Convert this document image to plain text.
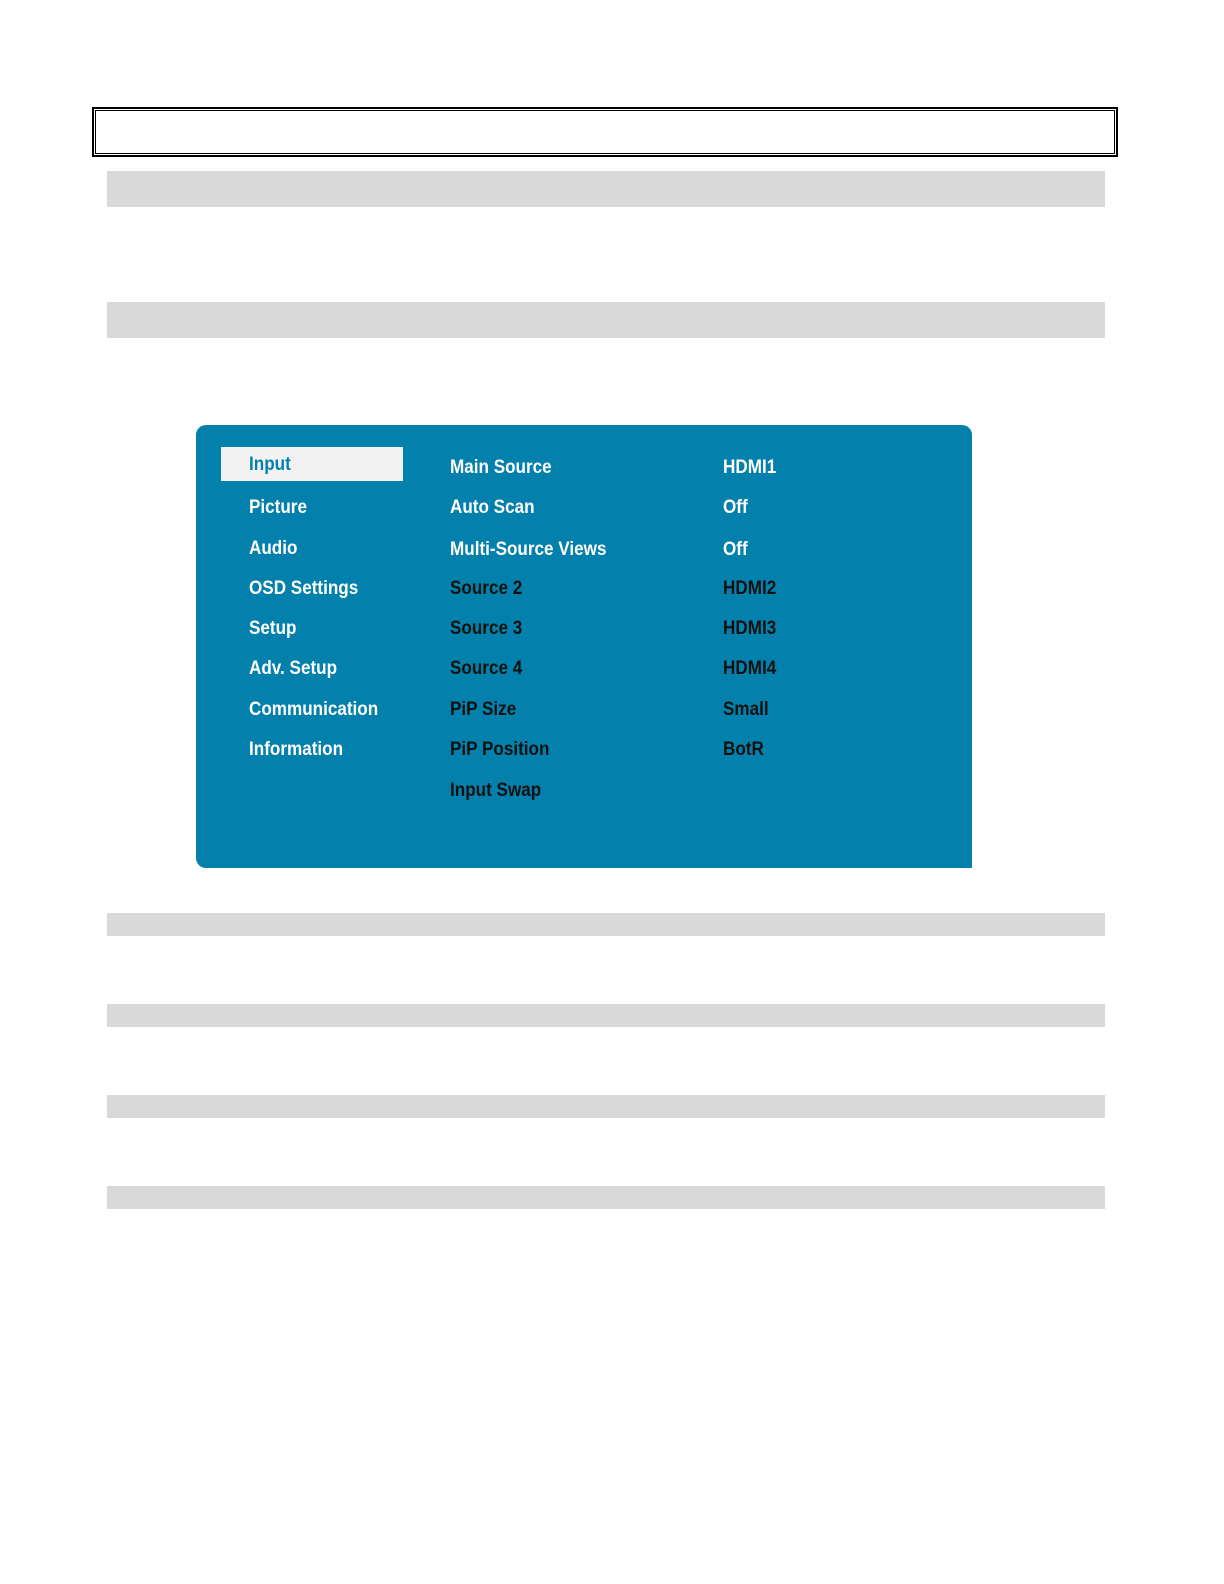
Input
Picture
Audio
OSD Settings
Setup
Adv. Setup
Communication
Information
Main Source	HDMI1
Auto Scan	Off
Multi-Source Views	Off
Source 2	HDMI2
Source 3	HDMI3
Source 4	HDMI4
PiP Size	Small
PiP Position	BotR
Input Swap
